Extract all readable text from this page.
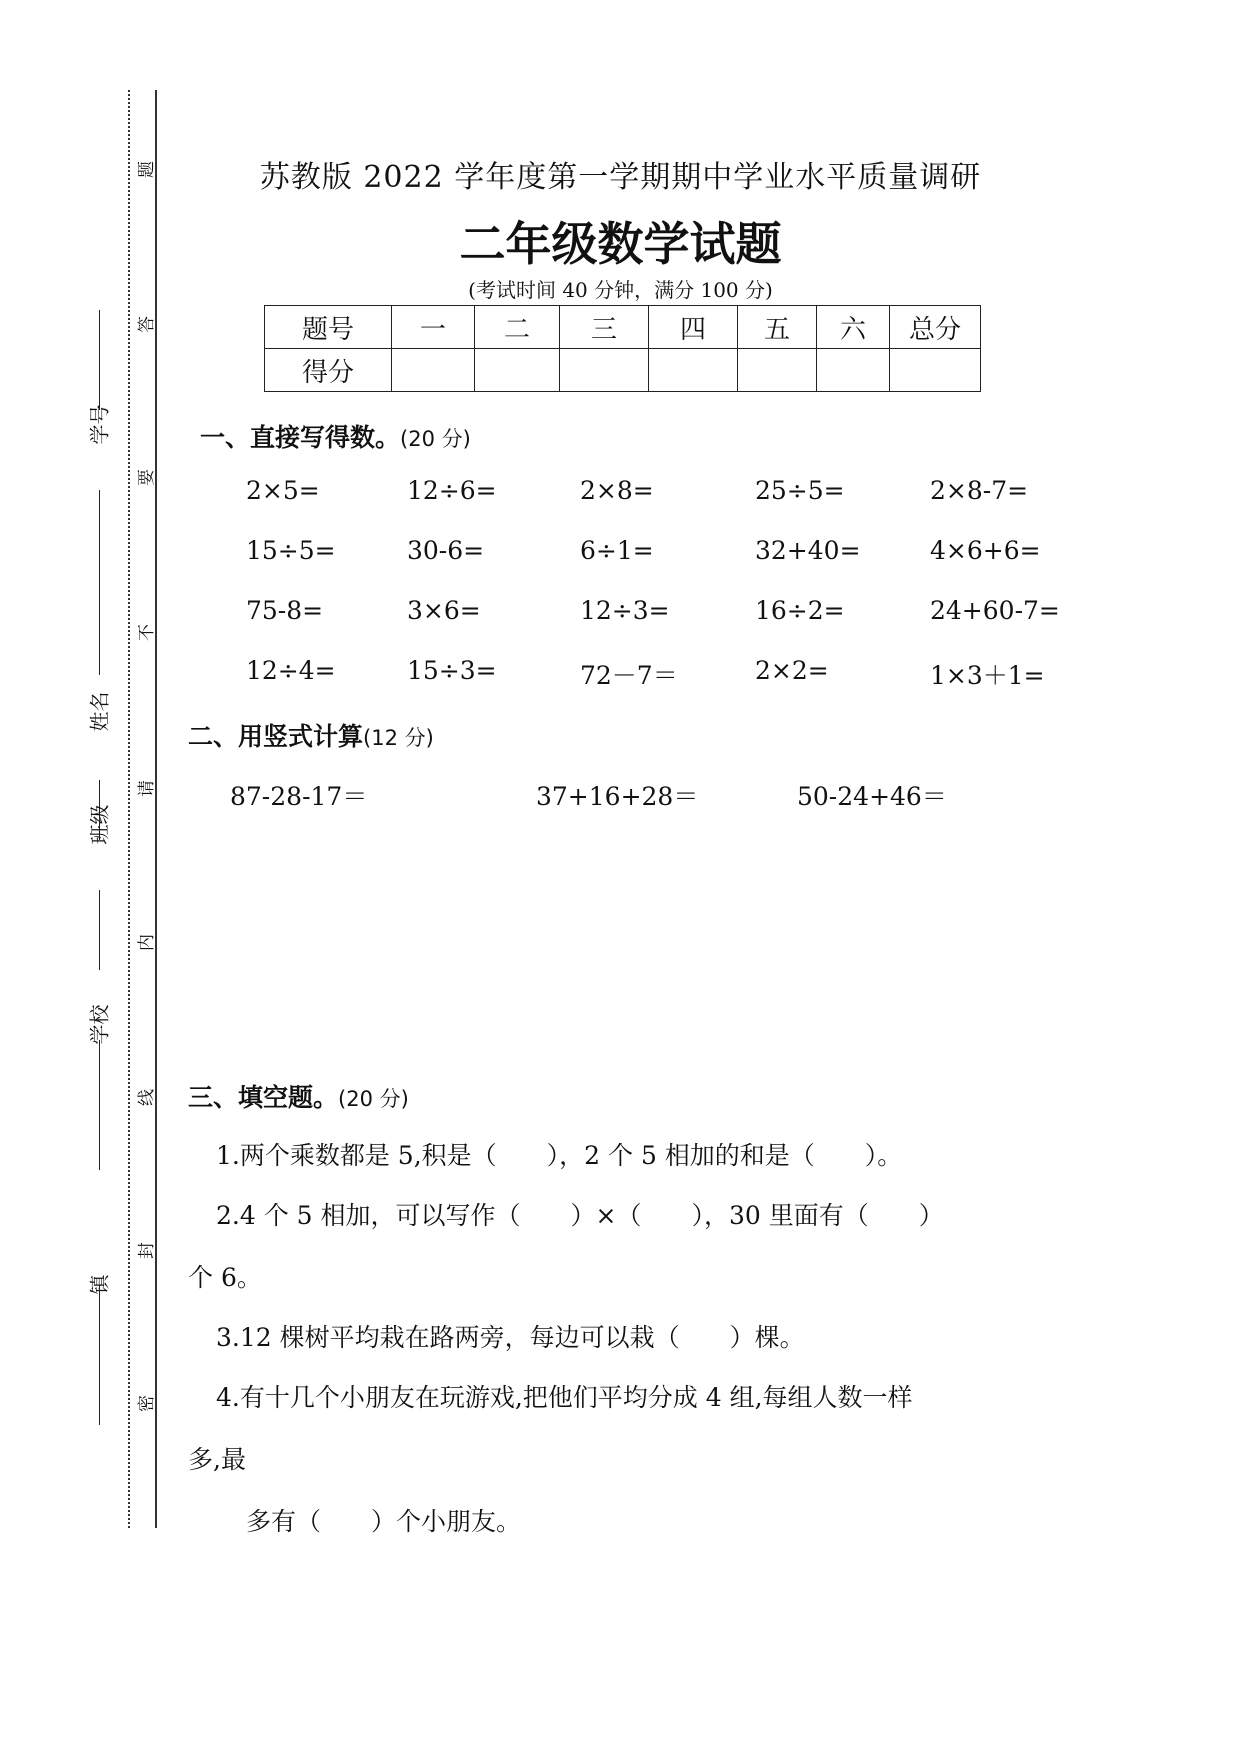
题
答
要
不
请
内
线
封
密
学号
姓名
班级
学校
镇
苏教版 2022 学年度第一学期期中学业水平质量调研
二年级数学试题
(考试时间 40 分钟，满分 100 分)
题号	一	二	三	四	五	六	总分
得分							
一、直接写得数。(20 分)
2×5=	12÷6=	2×8=	25÷5=	2×8-7=
15÷5=	30-6=	6÷1=	32+40=	4×6+6=
75-8=	3×6=	12÷3=	16÷2=	24+60-7=
12÷4=	15÷3=	72－7＝	2×2=	1×3＋1=
二、用竖式计算(12 分)
87-28-17＝	37+16+28＝	50-24+46＝
三、填空题。(20 分)
1.两个乘数都是 5,积是（　　），2 个 5 相加的和是（　　）。
2.4 个 5 相加，可以写作（　　）×（　　），30 里面有（　　）
个 6。
3.12 棵树平均栽在路两旁，每边可以栽（　　）棵。
4.有十几个小朋友在玩游戏,把他们平均分成 4 组,每组人数一样
多,最
多有（　　）个小朋友。
